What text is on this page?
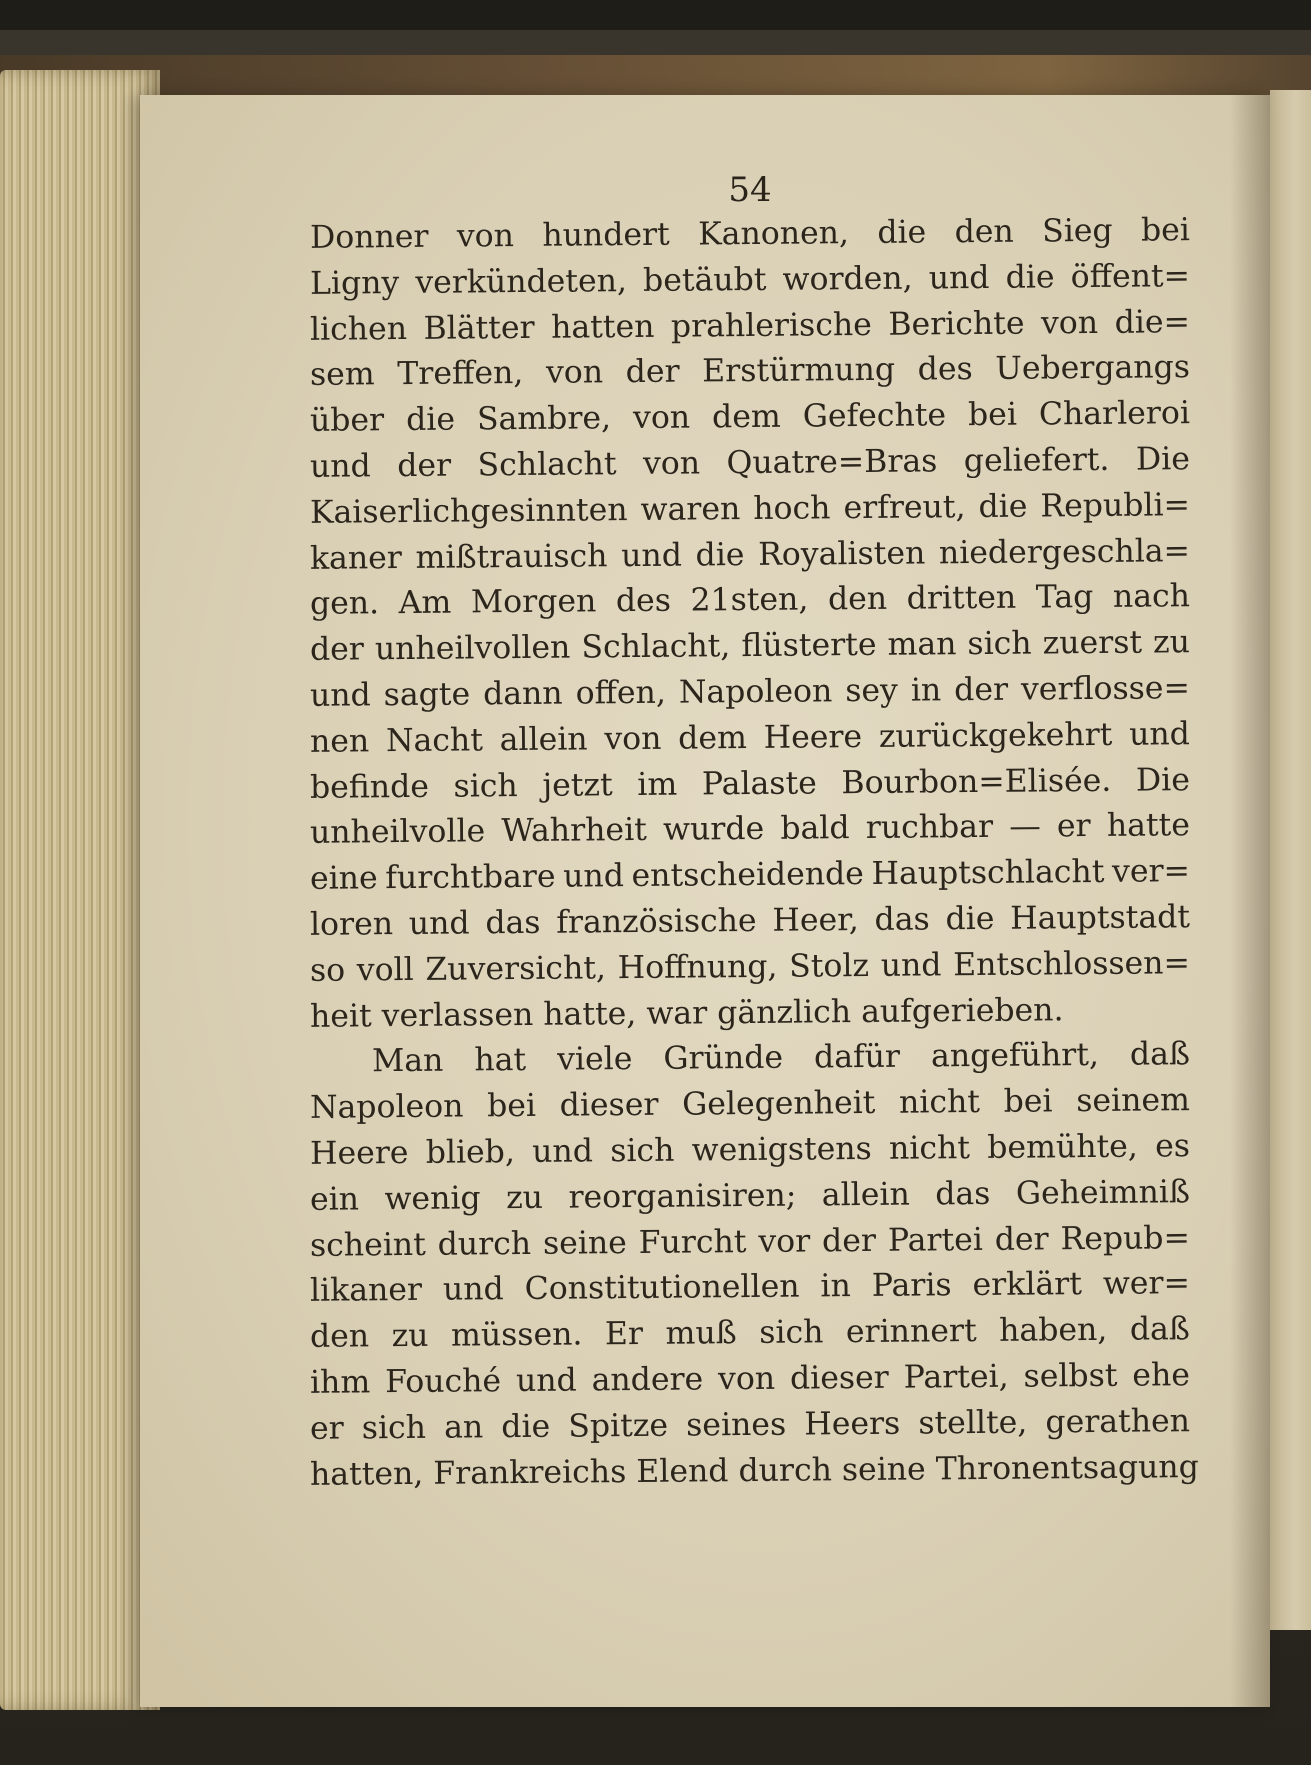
54
Donner von hundert Kanonen, die den Sieg bei
Ligny verkündeten, betäubt worden, und die öffent=
lichen Blätter hatten prahlerische Berichte von die=
sem Treffen, von der Erstürmung des Uebergangs
über die Sambre, von dem Gefechte bei Charleroi
und der Schlacht von Quatre=Bras geliefert. Die
Kaiserlichgesinnten waren hoch erfreut, die Republi=
kaner mißtrauisch und die Royalisten niedergeschla=
gen. Am Morgen des 21sten, den dritten Tag nach
der unheilvollen Schlacht, flüsterte man sich zuerst zu
und sagte dann offen, Napoleon sey in der verflosse=
nen Nacht allein von dem Heere zurückgekehrt und
befinde sich jetzt im Palaste Bourbon=Elisée. Die
unheilvolle Wahrheit wurde bald ruchbar — er hatte
eine furchtbare und entscheidende Hauptschlacht ver=
loren und das französische Heer, das die Hauptstadt
so voll Zuversicht, Hoffnung, Stolz und Entschlossen=
heit verlassen hatte, war gänzlich aufgerieben.
Man hat viele Gründe dafür angeführt, daß
Napoleon bei dieser Gelegenheit nicht bei seinem
Heere blieb, und sich wenigstens nicht bemühte, es
ein wenig zu reorganisiren; allein das Geheimniß
scheint durch seine Furcht vor der Partei der Repub=
likaner und Constitutionellen in Paris erklärt wer=
den zu müssen. Er muß sich erinnert haben, daß
ihm Fouché und andere von dieser Partei, selbst ehe
er sich an die Spitze seines Heers stellte, gerathen
hatten, Frankreichs Elend durch seine Thronentsagung
